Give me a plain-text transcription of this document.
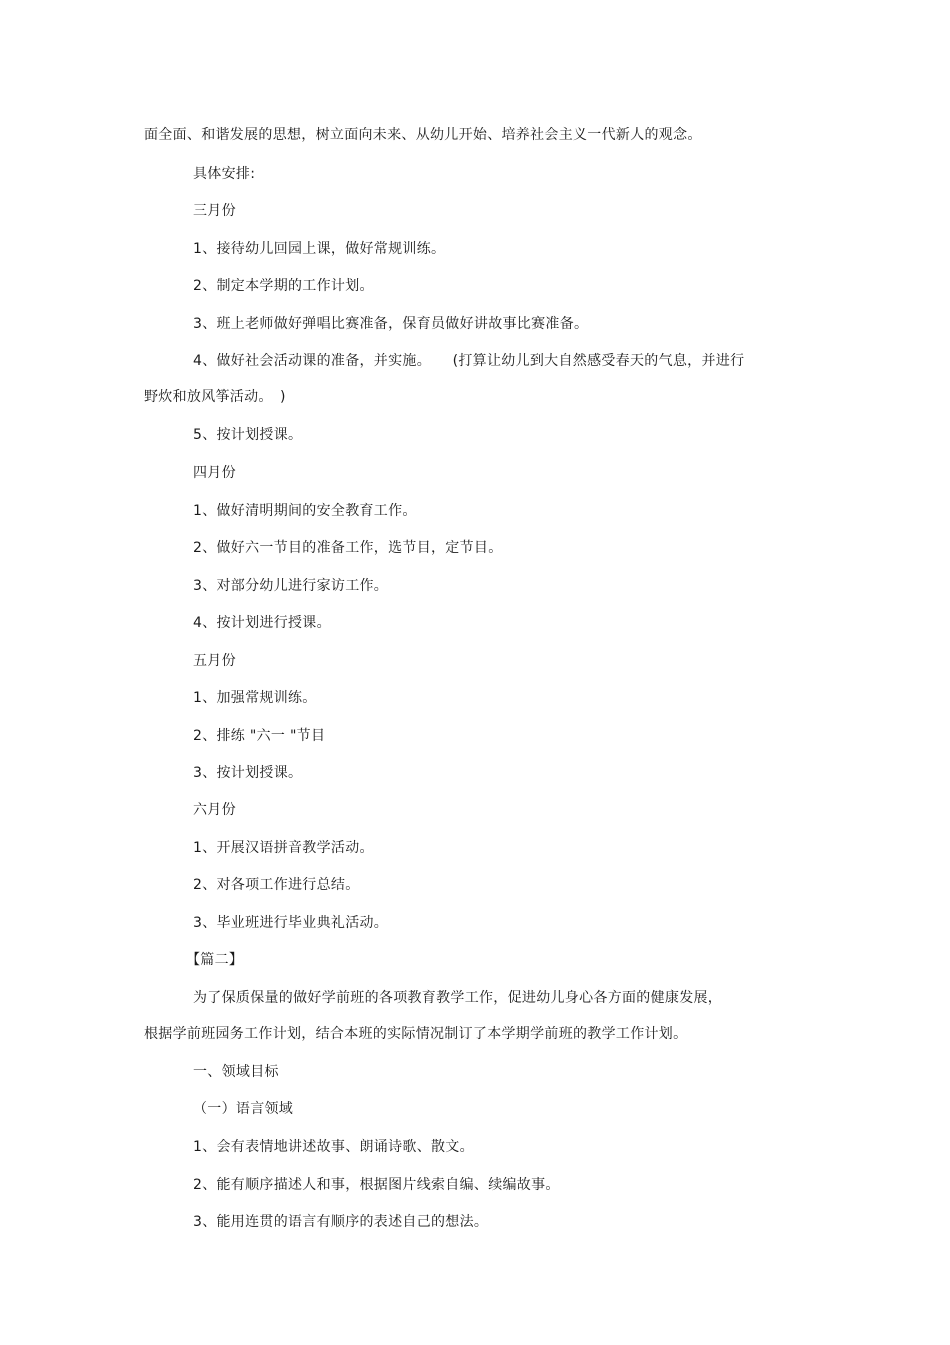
面全面、和谐发展的思想，树立面向未来、从幼儿开始、培养社会主义一代新人的观念。
具体安排:
三月份
1、接待幼儿回园上课，做好常规训练。
2、制定本学期的工作计划。
3、班上老师做好弹唱比赛准备，保育员做好讲故事比赛准备。
4、做好社会活动课的准备，并实施。　　(打算让幼儿到大自然感受春天的气息，并进行
野炊和放风筝活动。　)
5、按计划授课。
四月份
1、做好清明期间的安全教育工作。
2、做好六一节目的准备工作，选节目，定节目。
3、对部分幼儿进行家访工作。
4、按计划进行授课。
五月份
1、加强常规训练。
2、排练 "六一 "节目
3、按计划授课。
六月份
1、开展汉语拼音教学活动。
2、对各项工作进行总结。
3、毕业班进行毕业典礼活动。
【篇二】
为了保质保量的做好学前班的各项教育教学工作，促进幼儿身心各方面的健康发展，
根据学前班园务工作计划，结合本班的实际情况制订了本学期学前班的教学工作计划。
一、领域目标
（一）语言领域
1、会有表情地讲述故事、朗诵诗歌、散文。
2、能有顺序描述人和事，根据图片线索自编、续编故事。
3、能用连贯的语言有顺序的表述自己的想法。
